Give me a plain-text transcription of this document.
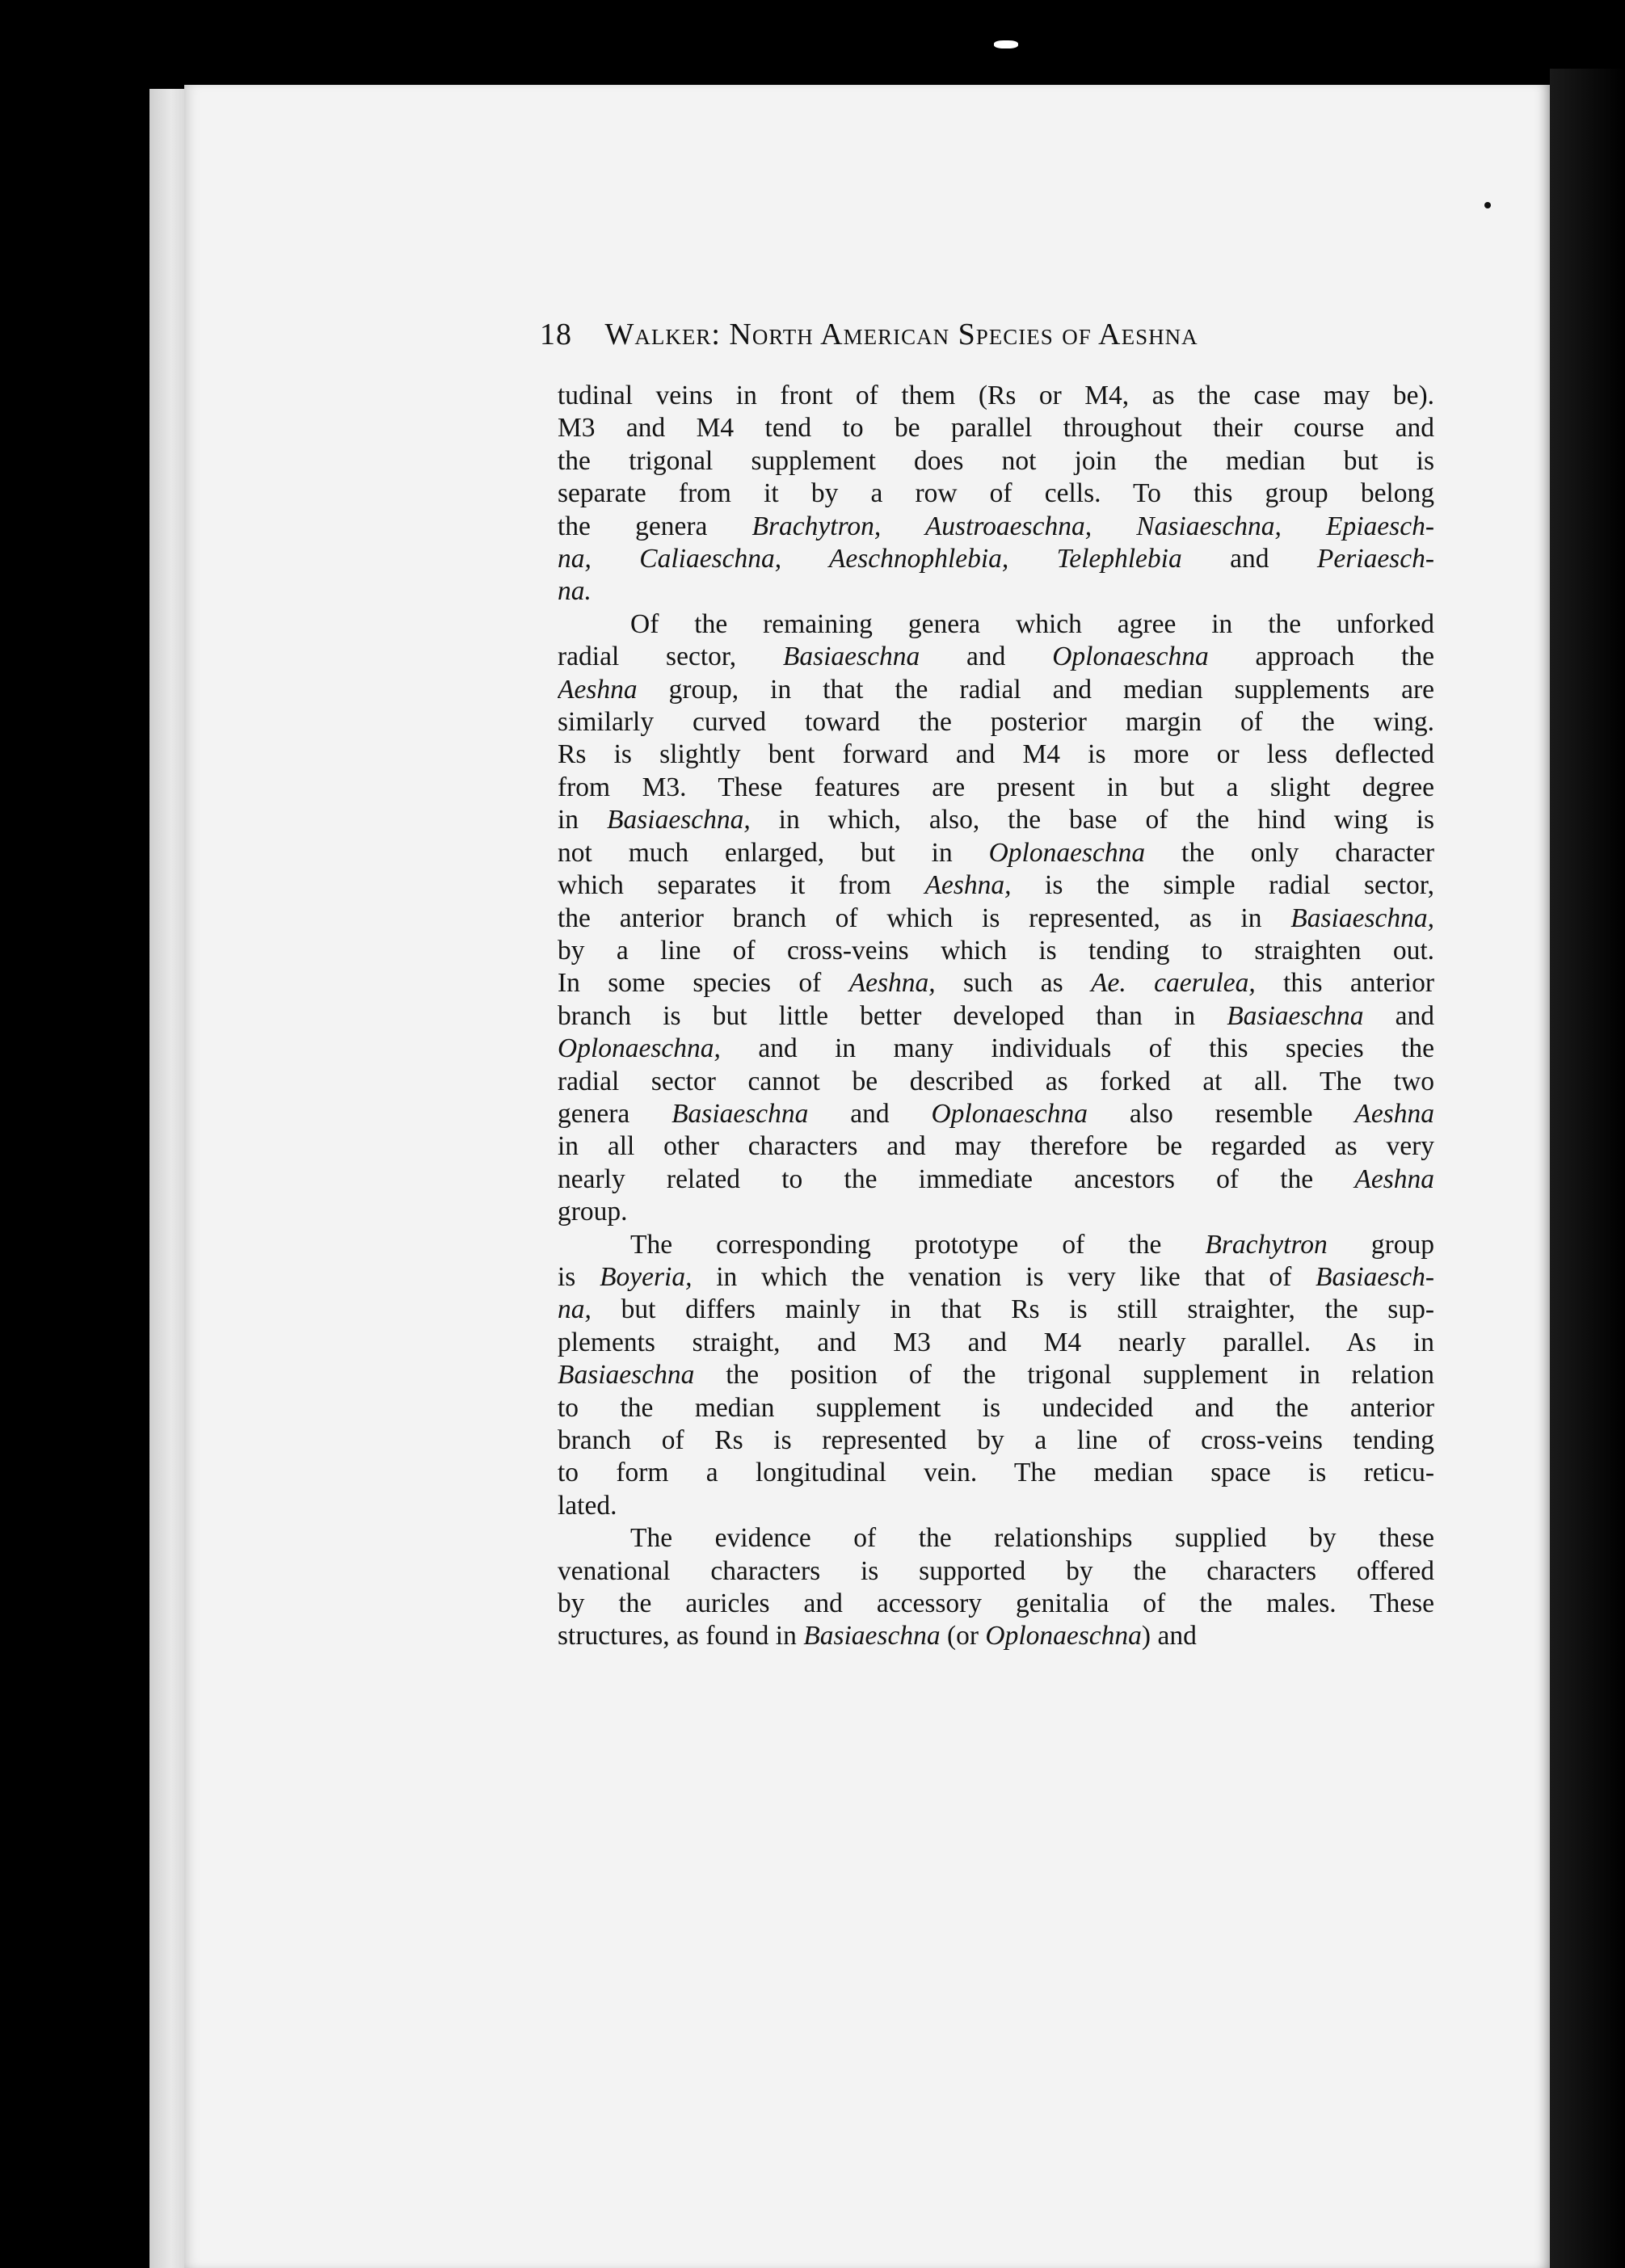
18 Walker: North American Species of Aeshna

tudinal veins in front of them (Rs or M4, as the case may be).
M3 and M4 tend to be parallel throughout their course and
the trigonal supplement does not join the median but is
separate from it by a row of cells. To this group belong
the genera Brachytron, Austroaeschna, Nasiaeschna, Epiaesch-
na, Caliaeschna, Aeschnophlebia, Telephlebia and Periaesch-
na.

Of the remaining genera which agree in the unforked
radial sector, Basiaeschna and Oplonaeschna approach the
Aeshna group, in that the radial and median supplements are
similarly curved toward the posterior margin of the wing.
Rs is slightly bent forward and M4 is more or less deflected
from M3. These features are present in but a slight degree
in Basiaeschna, in which, also, the base of the hind wing is
not much enlarged, but in Oplonaeschna the only character
which separates it from Aeshna, is the simple radial sector,
the anterior branch of which is represented, as in Basiaeschna,
by a line of cross-veins which is tending to straighten out.
In some species of Aeshna, such as Ae. caerulea, this anterior
branch is but little better developed than in Basiaeschna and
Oplonaeschna, and in many individuals of this species the
radial sector cannot be described as forked at all. The two
genera Basiaeschna and Oplonaeschna also resemble Aeshna
in all other characters and may therefore be regarded as very
nearly related to the immediate ancestors of the Aeshna
group.

The corresponding prototype of the Brachytron group
is Boyeria, in which the venation is very like that of Basiaesch-
na, but differs mainly in that Rs is still straighter, the sup-
plements straight, and M3 and M4 nearly parallel. As in
Basiaeschna the position of the trigonal supplement in relation
to the median supplement is undecided and the anterior
branch of Rs is represented by a line of cross-veins tending
to form a longitudinal vein. The median space is reticu-
lated.

The evidence of the relationships supplied by these
venational characters is supported by the characters offered
by the auricles and accessory genitalia of the males. These
structures, as found in Basiaeschna (or Oplonaeschna) and
